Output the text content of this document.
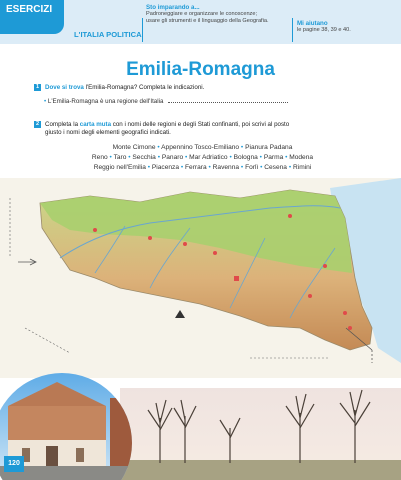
ESERCIZI
L'ITALIA POLITICA
Sto imparando a...
Padroneggiare e organizzare le conoscenze;
usare gli strumenti e il linguaggio della Geografia.	Mi aiutano
le pagine 38, 39 e 40.
Emilia-Romagna
1 Dove si trova l'Emilia-Romagna? Completa le indicazioni.
• L'Emilia-Romagna è una regione dell'Italia
2 Completa la carta muta con i nomi delle regioni e degli Stati confinanti, poi scrivi al posto
giusto i nomi degli elementi geografici indicati.
Monte Cimone • Appennino Tosco-Emiliano • Pianura Padana
Reno • Taro • Secchia • Panaro • Mar Adriatico • Bologna • Parma • Modena
Reggio nell'Emilia • Piacenza • Ferrara • Ravenna • Forlì • Cesena • Rimini
120
